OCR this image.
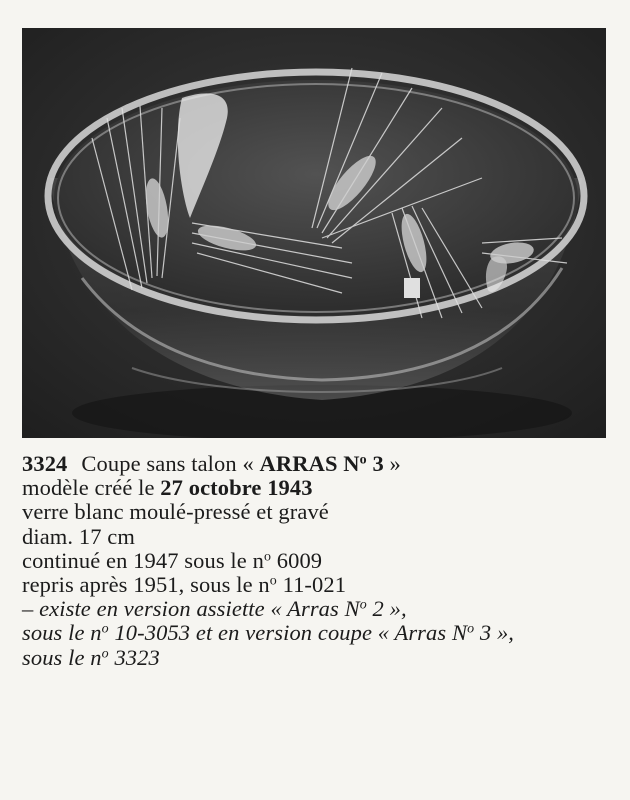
3324 Coupe sans talon « ARRAS $N^o$ 3 »
modèle créé le 27 octobre 1943
verre blanc moulé-pressé et gravé
diam. 17 cm
continué en 1947 sous le $n^o$ 6009
repris après 1951, sous le $n^o$ 11-021
– existe en version assiette « Arras $N^o$ 2 »,
sous le $n^o$ 10-3053 et en version coupe « Arras $N^o$ 3 »,
sous le $n^o$ 3323
